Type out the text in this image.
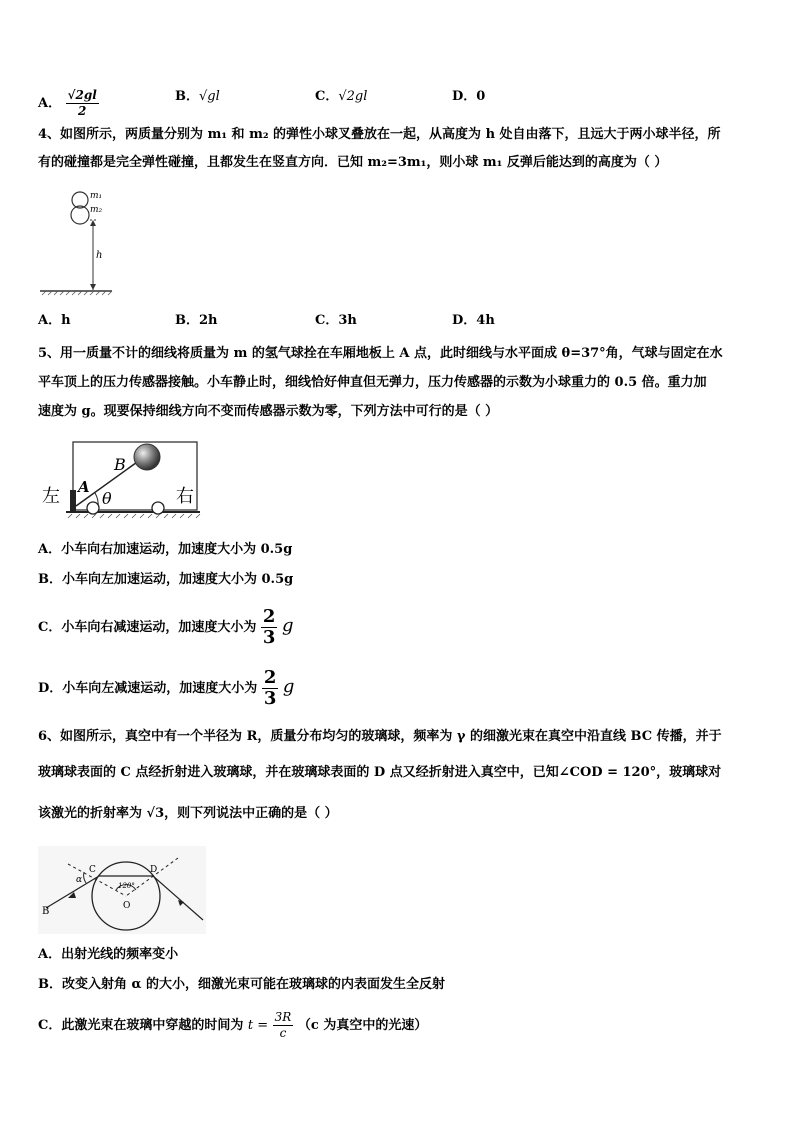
A． $\frac{√2gl}{2}$	B．√gl	C．√2gl	D．0
4、如图所示，两质量分别为 m₁ 和 m₂ 的弹性小球叉叠放在一起，从高度为 h 处自由落下，且远大于两小球半径，所
有的碰撞都是完全弹性碰撞，且都发生在竖直方向．已知 m₂=3m₁，则小球 m₁ 反弹后能达到的高度为（ ）
m₁
m₂
h
A．h	B．2h	C．3h	D．4h
5、用一质量不计的细线将质量为 m 的氢气球拴在车厢地板上 A 点，此时细线与水平面成 θ=37°角，气球与固定在水
平车顶上的压力传感器接触。小车静止时，细线恰好伸直但无弹力，压力传感器的示数为小球重力的 0.5 倍。重力加
速度为 g。现要保持细线方向不变而传感器示数为零，下列方法中可行的是（ ）
左 A
B
θ	右
A．小车向右加速运动，加速度大小为 0.5g
B．小车向左加速运动，加速度大小为 0.5g
C．小车向右减速运动，加速度大小为 $\frac{2}{3}$ g
D．小车向左减速运动，加速度大小为 $\frac{2}{3}$ g
6、如图所示，真空中有一个半径为 R，质量分布均匀的玻璃球，频率为 γ 的细激光束在真空中沿直线 BC 传播，并于
玻璃球表面的 C 点经折射进入玻璃球，并在玻璃球表面的 D 点又经折射进入真空中，已知∠COD = 120°，玻璃球对
该激光的折射率为 √3，则下列说法中正确的是（ ）
B
C	D
O
α
120°
A．出射光线的频率变小
B．改变入射角 α 的大小，细激光束可能在玻璃球的内表面发生全反射
C．此激光束在玻璃中穿越的时间为 $t = \frac{3R}{c} (c$ 为真空中的光速）
